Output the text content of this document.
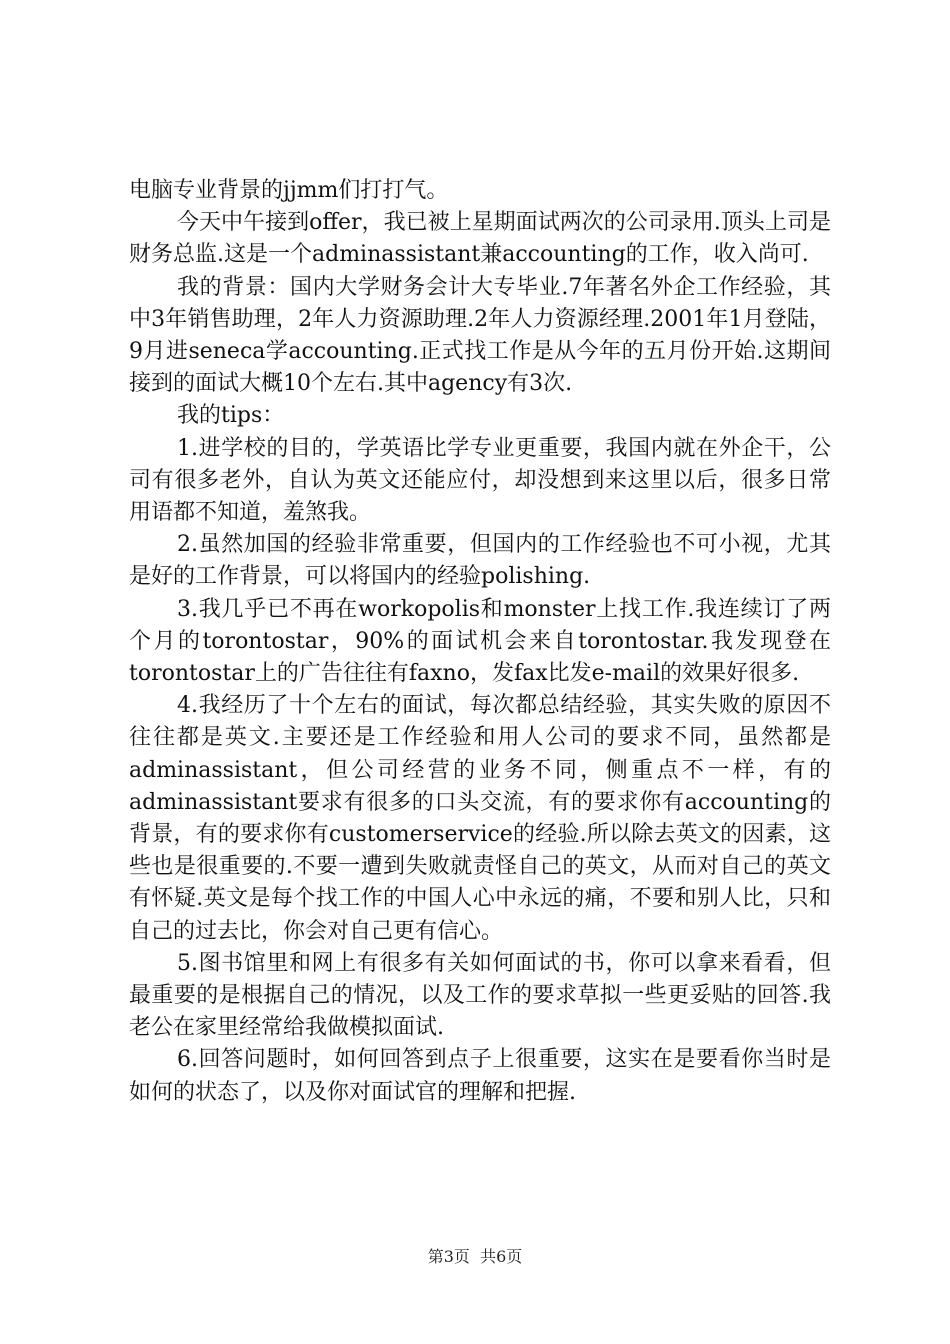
电脑专业背景的jjmm们打打气。

今天中午接到offer，我已被上星期面试两次的公司录用.顶头上司是财务总监.这是一个adminassistant兼accounting的工作，收入尚可.

我的背景：国内大学财务会计大专毕业.7年著名外企工作经验，其中3年销售助理，2年人力资源助理.2年人力资源经理.2001年1月登陆，9月进seneca学accounting.正式找工作是从今年的五月份开始.这期间接到的面试大概10个左右.其中agency有3次.

我的tips：

1.进学校的目的，学英语比学专业更重要，我国内就在外企干，公司有很多老外，自认为英文还能应付，却没想到来这里以后，很多日常用语都不知道，羞煞我。

2.虽然加国的经验非常重要，但国内的工作经验也不可小视，尤其是好的工作背景，可以将国内的经验polishing.

3.我几乎已不再在workopolis和monster上找工作.我连续订了两个月的torontostar，90%的面试机会来自torontostar.我发现登在torontostar上的广告往往有faxno，发fax比发e-mail的效果好很多.

4.我经历了十个左右的面试，每次都总结经验，其实失败的原因不往往都是英文.主要还是工作经验和用人公司的要求不同，虽然都是adminassistant，但公司经营的业务不同，侧重点不一样，有的adminassistant要求有很多的口头交流，有的要求你有accounting的背景，有的要求你有customerservice的经验.所以除去英文的因素，这些也是很重要的.不要一遭到失败就责怪自己的英文，从而对自己的英文有怀疑.英文是每个找工作的中国人心中永远的痛，不要和别人比，只和自己的过去比，你会对自己更有信心。

5.图书馆里和网上有很多有关如何面试的书，你可以拿来看看，但最重要的是根据自己的情况，以及工作的要求草拟一些更妥贴的回答.我老公在家里经常给我做模拟面试.

6.回答问题时，如何回答到点子上很重要，这实在是要看你当时是如何的状态了，以及你对面试官的理解和把握.

第3页  共6页
